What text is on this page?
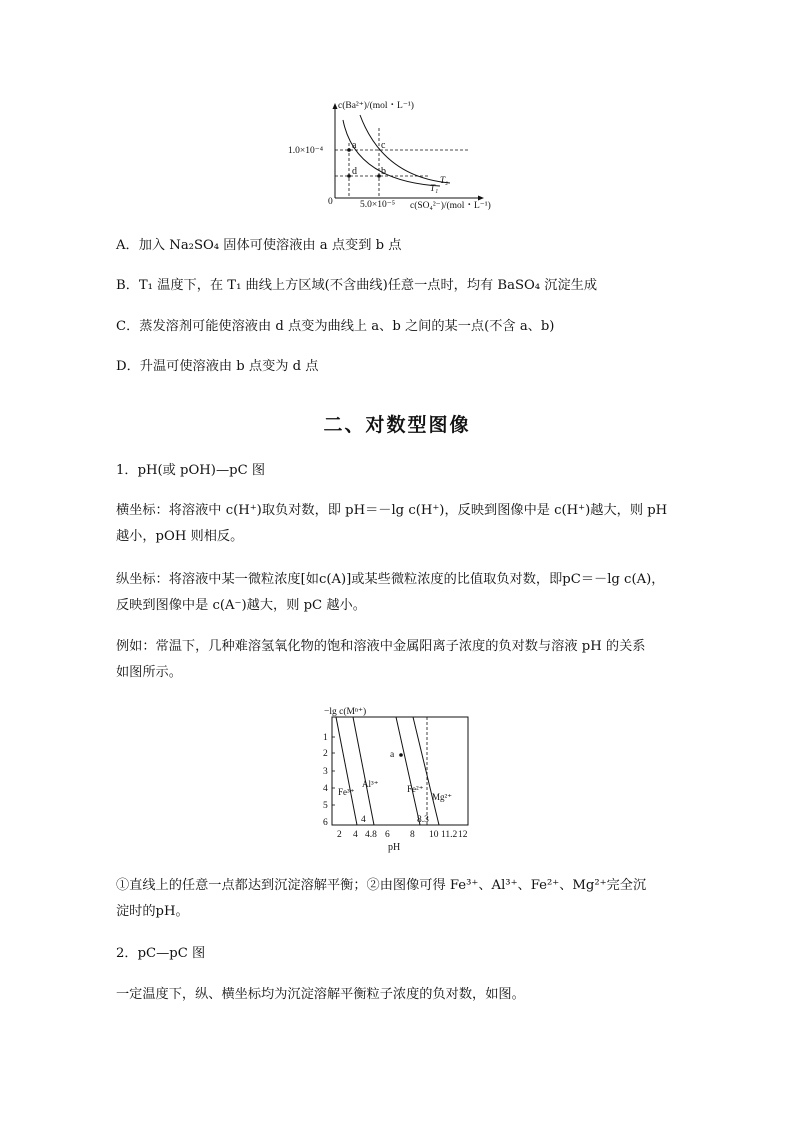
a c
d b
T₂
T₁
c(Ba²⁺)/(mol・L⁻¹)
1.0×10⁻⁴
0	5.0×10⁻⁵ c(SO₄²⁻)/(mol・L⁻¹)
A．加入 Na₂SO₄ 固体可使溶液由 a 点变到 b 点
B．T₁ 温度下，在 T₁ 曲线上方区域(不含曲线)任意一点时，均有 BaSO₄ 沉淀生成
C．蒸发溶剂可能使溶液由 d 点变为曲线上 a、b 之间的某一点(不含 a、b)
D．升温可使溶液由 b 点变为 d 点
二、对数型图像
1．pH(或 pOH)—pC 图
横坐标：将溶液中 c(H⁺)取负对数，即 pH＝－lg c(H⁺)，反映到图像中是 c(H⁺)越大，则 pH
越小，pOH 则相反。
纵坐标：将溶液中某一微粒浓度[如c(A)]或某些微粒浓度的比值取负对数，即pC＝－lg c(A)，
反映到图像中是 c(A⁻)越大，则 pC 越小。
例如：常温下，几种难溶氢氧化物的饱和溶液中金属阳离子浓度的负对数与溶液 pH 的关系
如图所示。
−lg c(Mⁿ⁺)
1
2
3
4
5
6
a
Fe³⁺
Al³⁺	Fe²⁺
Mg²⁺
4	8.3
2 4 4.8 6 8 10 11.2 12
pH
①直线上的任意一点都达到沉淀溶解平衡；②由图像可得 Fe³⁺、Al³⁺、Fe²⁺、Mg²⁺完全沉
淀时的pH。
2．pC—pC 图
一定温度下，纵、横坐标均为沉淀溶解平衡粒子浓度的负对数，如图。
